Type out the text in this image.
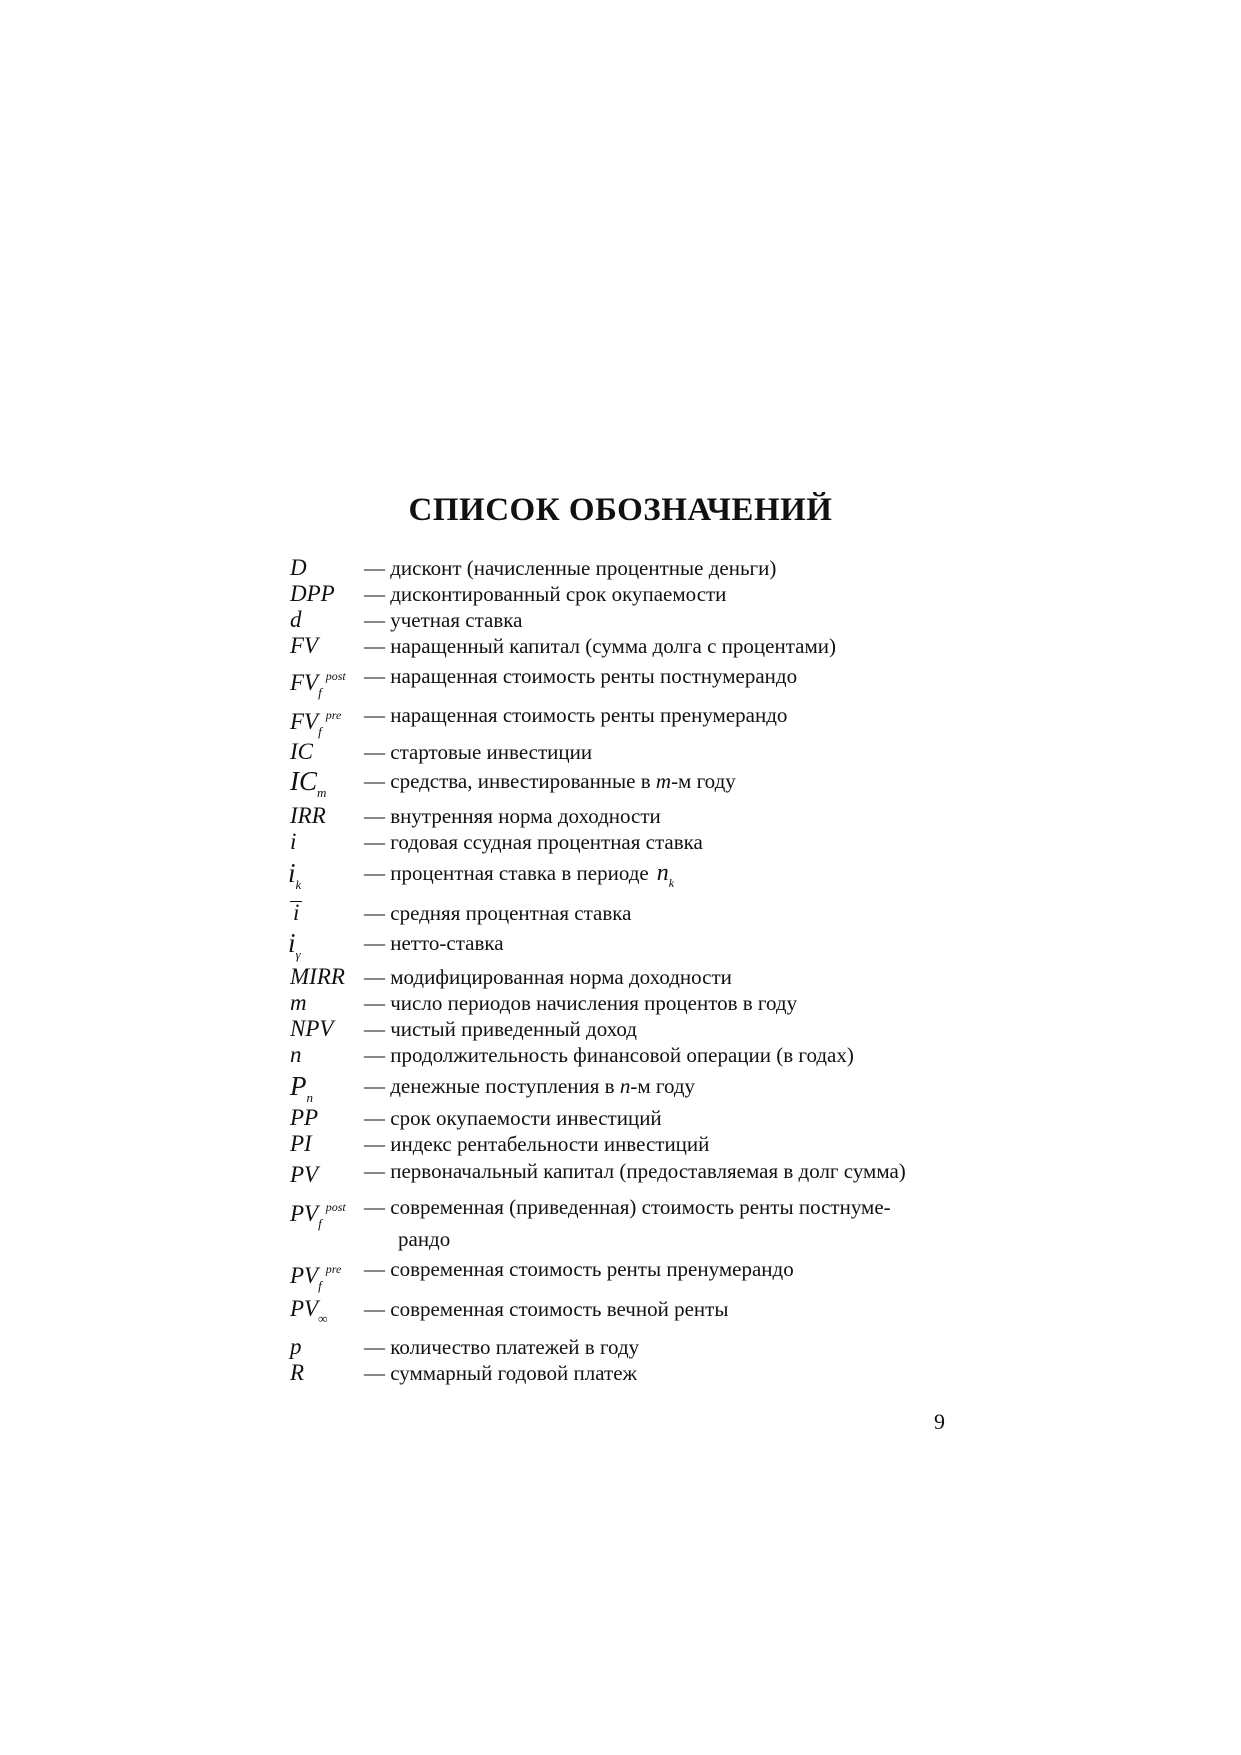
СПИСОК ОБОЗНАЧЕНИЙ
D	— дисконт (начисленные процентные деньги)
DPP — дисконтированный срок окупаемости
d	— учетная ставка
FV — наращенный капитал (сумма долга с процентами)
$FV_f^{post}$ — наращенная стоимость ренты постнумерандо
$FV_f^{pre}$ — наращенная стоимость ренты пренумерандо
IC — стартовые инвестиции
$IC_m$ — средства, инвестированные в m-м году
IRR — внутренняя норма доходности
i	— годовая ссудная процентная ставка
$i_k$	— процентная ставка в периоде $n_k$
i	— средняя процентная ставка
$i_\gamma$	— нетто-ставка
MIRR — модифицированная норма доходности
m	— число периодов начисления процентов в году
NPV — чистый приведенный доход
n	— продолжительность финансовой операции (в годах)
$P_n$ — денежные поступления в n-м году
PP — срок окупаемости инвестиций
PI — индекс рентабельности инвестиций
PV — первоначальный капитал (предоставляемая в долг сумма)
$PV_f^{post}$ — современная (приведенная) стоимость ренты постнуме-
рандо
$PV_f^{pre}$ — современная стоимость ренты пренумерандо
$PV_\infty$ — современная стоимость вечной ренты
p	— количество платежей в году
R	— суммарный годовой платеж
9
